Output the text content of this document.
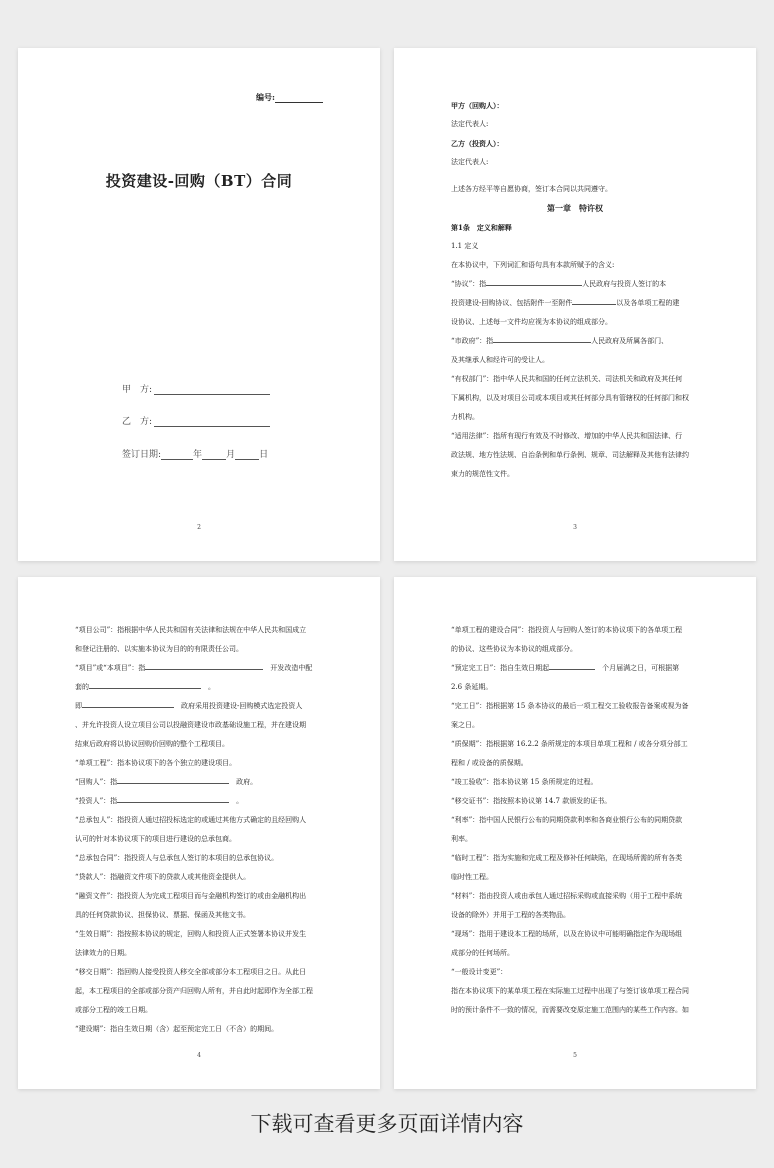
编号:
投资建设-回购（BT）合同
甲　方:
乙　方:
签订日期:	年	月	日
2

甲方（回购人）：

法定代表人:

乙方（投资人）：

法定代表人:

上述各方经平等自愿协商，签订本合同以共同遵守。

第一章　特许权

第1条　定义和解释

1.1 定义

在本协议中，下列词汇和语句具有本款所赋予的含义:

“协议”：指	人民政府与投资人签订的本

投资建设-回购协议、包括附件一至附件	以及各单项工程的建

设协议、上述每一文件均应视为本协议的组成部分。

“市政府”：指	人民政府及所属各部门、

及其继承人和经许可的受让人。

“有权部门”：指中华人民共和国的任何立法机关、司法机关和政府及其任何

下属机构，以及对项目公司或本项目或其任何部分具有管辖权的任何部门和权

力机构。

“适用法律”：指所有现行有效及不时修改、增加的中华人民共和国法律、行

政法规、地方性法规、自治条例和单行条例、规章、司法解释及其他有法律约

束力的规范性文件。

3

“项目公司”：指根据中华人民共和国有关法律和法规在中华人民共和国成立

和登记注册的、以实施本协议为目的的有限责任公司。

“项目”或“本项目”：指　	开发改造中配

套的　	。

即　	政府采用投资建设-回购模式选定投资人

、并允许投资人设立项目公司以投融资建设市政基础设施工程，并在建设期

结束后政府将以协议回购价回购的整个工程项目。

“单项工程”：指本协议项下的各个独立的建设项目。

“回购人”：指　	政府。

“投资人”：指　	。

“总承包人”：指投资人通过招投标选定的或通过其他方式确定的且经回购人

认可的针对本协议项下的项目进行建设的总承包商。

“总承包合同”：指投资人与总承包人签订的本项目的总承包协议。

“贷款人”：指融资文件项下的贷款人或其他资金提供人。

“融资文件”：指投资人为完成工程项目而与金融机构签订的或由金融机构出

具的任何贷款协议、担保协议、票据、保函及其他文书。

“生效日期”：指按照本协议的规定，回购人和投资人正式签署本协议并发生

法律效力的日期。

“移交日期”：指回购人接受投资人移交全部或部分本工程项目之日。从此日

起，本工程项目的全部或部分资产归回购人所有，并自此时起即作为全部工程

或部分工程的竣工日期。

“建设期”：指自生效日期（含）起至预定完工日（不含）的期间。

4

“单项工程的建设合同”：指投资人与回购人签订的本协议项下的各单项工程

的协议、这些协议为本协议的组成部分。

“预定完工日”：指自生效日期起　	个月届满之日，可根据第

2.6 条延期。

“完工日”：指根据第 15 条本协议的最后一项工程交工验收报告备案或视为备

案之日。

“质保期”：指根据第 16.2.2 条所规定的本项目单项工程和 / 或各分项分部工

程和 / 或设备的质保期。

“竣工验收”：指本协议第 15 条所规定的过程。

“移交证书”：指按照本协议第 14.7 款颁发的证书。

“利率”：指中国人民银行公布的同期贷款利率和各商业银行公布的同期贷款

利率。

“临时工程”：指为实施和完成工程及修补任何缺陷，在现场所需的所有各类

临时性工程。

“材料”：指由投资人或由承包人通过招标采购或直接采购（用于工程中系统

设备的除外）并用于工程的各类物品。

“现场”：指用于建设本工程的场所，以及在协议中可能明确指定作为现场组

成部分的任何场所。

“一般设计变更”：

指在本协议项下的某单项工程在实际施工过程中出现了与签订该单项工程合同

时的预计条件不一致的情况，而需要改变原定施工范围内的某些工作内容。如

5
下载可查看更多页面详情内容
